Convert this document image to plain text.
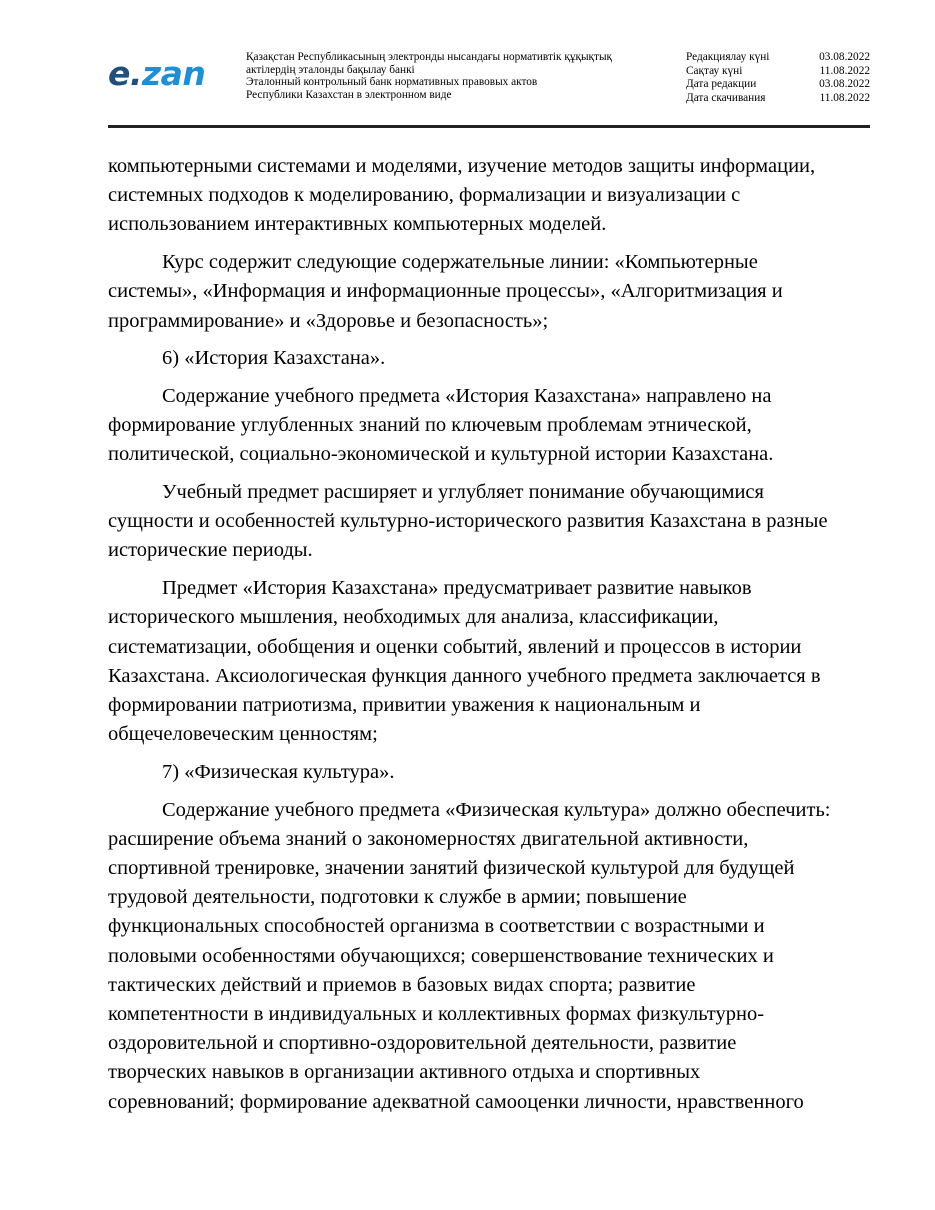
e.zan	Қазақстан Республикасының электронды нысандағы нормативтік құқықтық
актілердің эталонды бақылау банкі
Эталонный контрольный банк нормативных правовых актов
Республики Казахстан в электронном виде
Редакциялау күні	03.08.2022
Сақтау күні	11.08.2022
Дата редакции	03.08.2022
Дата скачивания	11.08.2022

компьютерными системами и моделями, изучение методов защиты информации,
системных подходов к моделированию, формализации и визуализации с
использованием интерактивных компьютерных моделей.

Курс содержит следующие содержательные линии: «Компьютерные
системы», «Информация и информационные процессы», «Алгоритмизация и
программирование» и «Здоровье и безопасность»;

6) «История Казахстана».

Содержание учебного предмета «История Казахстана» направлено на
формирование углубленных знаний по ключевым проблемам этнической,
политической, социально-экономической и культурной истории Казахстана.

Учебный предмет расширяет и углубляет понимание обучающимися
сущности и особенностей культурно-исторического развития Казахстана в разные
исторические периоды.

Предмет «История Казахстана» предусматривает развитие навыков
исторического мышления, необходимых для анализа, классификации,
систематизации, обобщения и оценки событий, явлений и процессов в истории
Казахстана. Аксиологическая функция данного учебного предмета заключается в
формировании патриотизма, привитии уважения к национальным и
общечеловеческим ценностям;

7) «Физическая культура».

Содержание учебного предмета «Физическая культура» должно обеспечить:
расширение объема знаний о закономерностях двигательной активности,
спортивной тренировке, значении занятий физической культурой для будущей
трудовой деятельности, подготовки к службе в армии; повышение
функциональных способностей организма в соответствии с возрастными и
половыми особенностями обучающихся; совершенствование технических и
тактических действий и приемов в базовых видах спорта; развитие
компетентности в индивидуальных и коллективных формах физкультурно-
оздоровительной и спортивно-оздоровительной деятельности, развитие
творческих навыков в организации активного отдыха и спортивных
соревнований; формирование адекватной самооценки личности, нравственного
